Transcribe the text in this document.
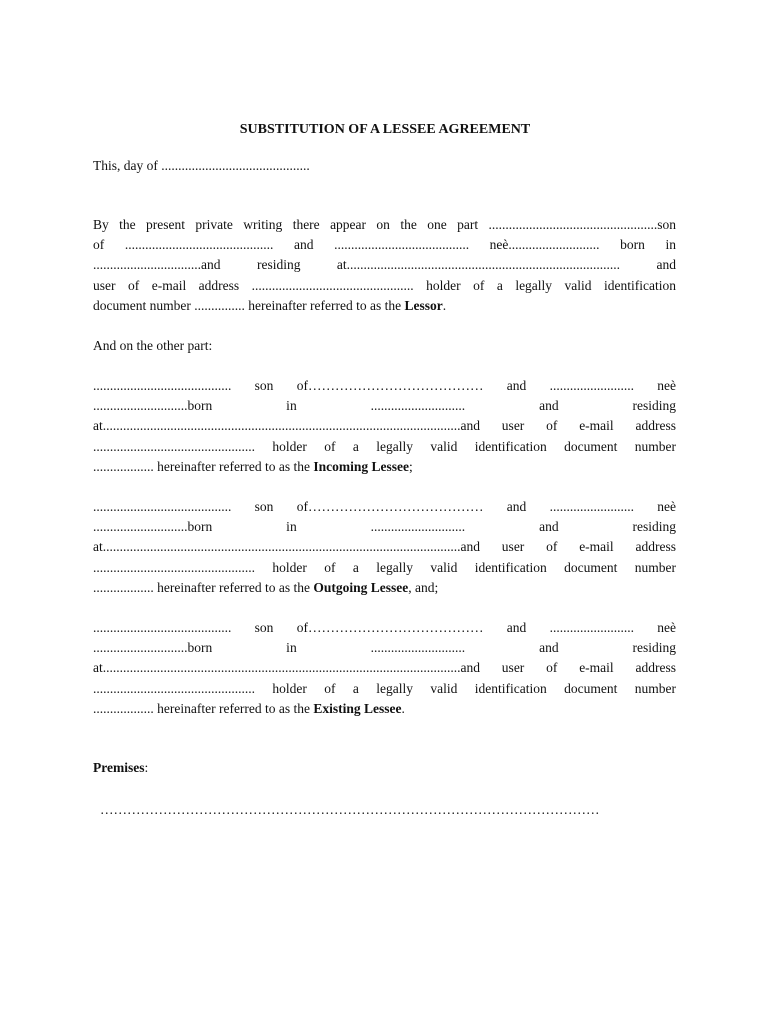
SUBSTITUTION OF A LESSEE AGREEMENT
This, day of ............................................
By the present private writing there appear on the one part ..................................................son
of ............................................ and ........................................ neè........................... born in
................................and residing at................................................................................. and
user of e-mail address ................................................ holder of a legally valid identification
document number ............... hereinafter referred to as the Lessor.
And on the other part:
......................................... son of………………………………… and ......................... neè
............................born in ............................ and residing
at..........................................................................................................and user of e-mail address
................................................ holder of a legally valid identification document number
.................. hereinafter referred to as the Incoming Lessee;
......................................... son of………………………………… and ......................... neè
............................born in ............................ and residing
at..........................................................................................................and user of e-mail address
................................................ holder of a legally valid identification document number
.................. hereinafter referred to as the Outgoing Lessee, and;
......................................... son of………………………………… and ......................... neè
............................born in ............................ and residing
at..........................................................................................................and user of e-mail address
................................................ holder of a legally valid identification document number
.................. hereinafter referred to as the Existing Lessee.
Premises:
…………………………………………………………………………………………………
